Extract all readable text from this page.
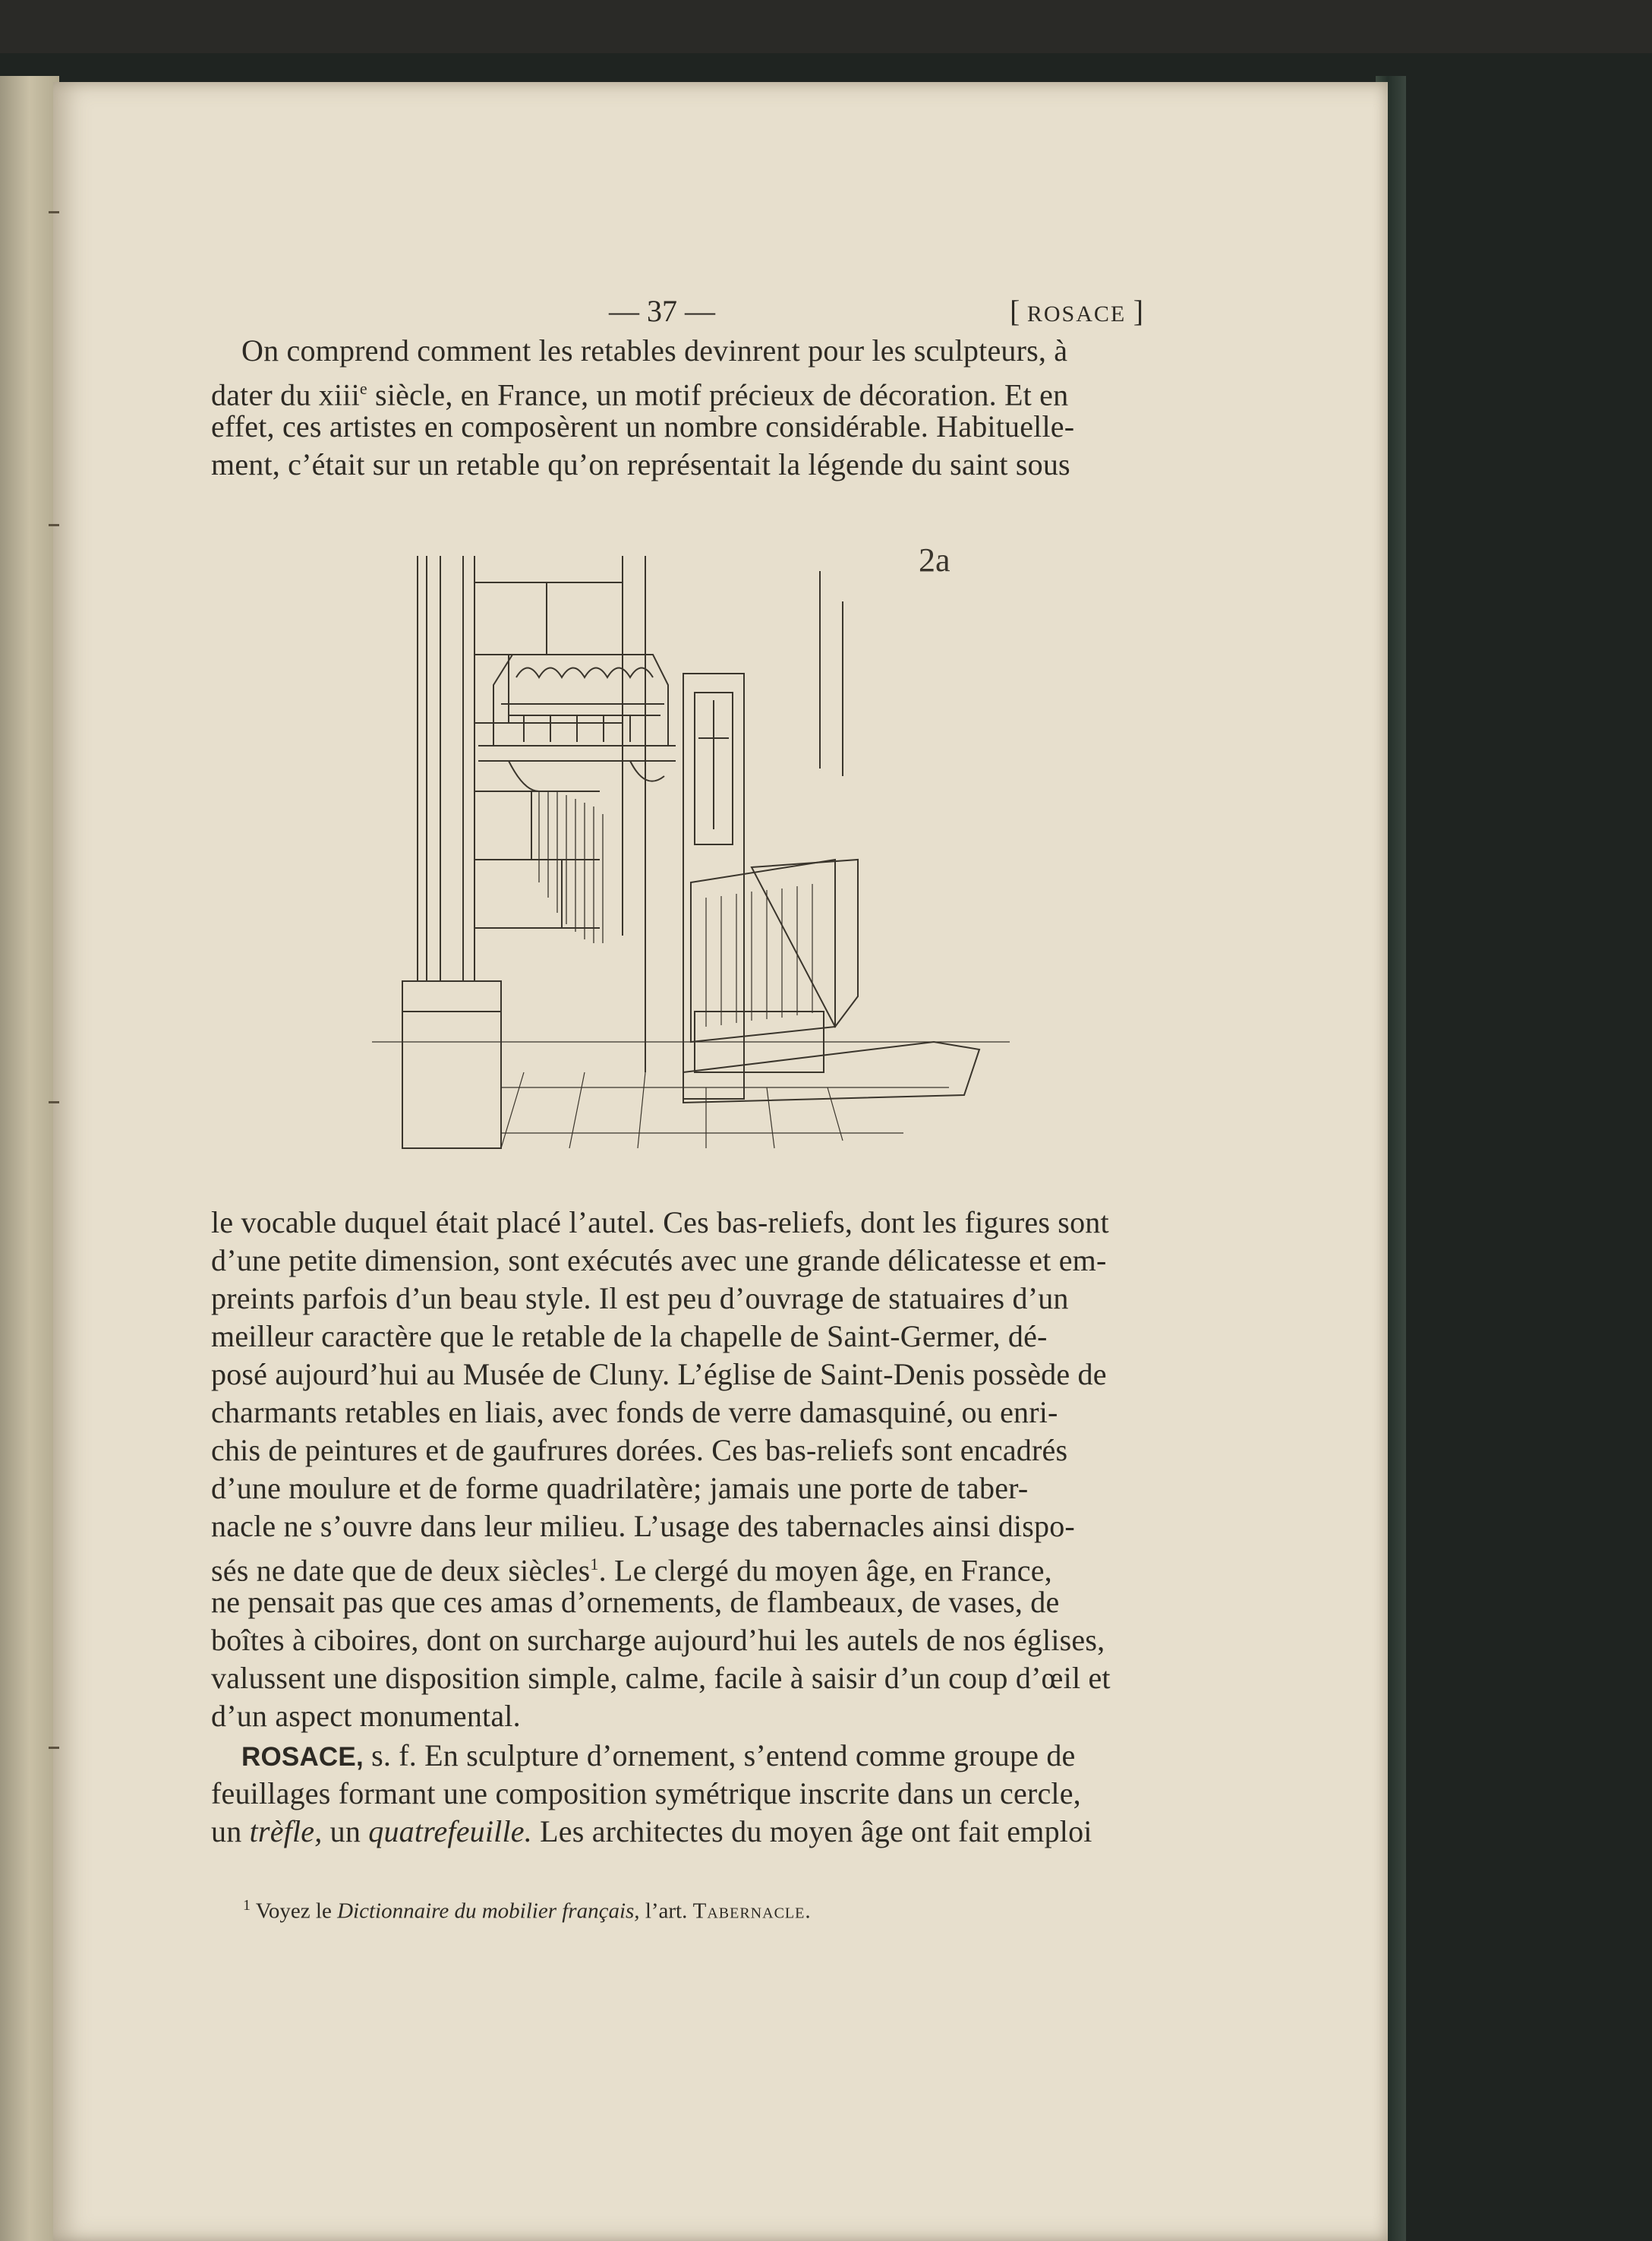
— 37 —	[ ROSACE ]
On comprend comment les retables devinrent pour les sculpteurs, à
dater du xiii$^e$ siècle, en France, un motif précieux de décoration. Et en
effet, ces artistes en composèrent un nombre considérable. Habituelle-
ment, c’était sur un retable qu’on représentait la légende du saint sous
2a
le vocable duquel était placé l’autel. Ces bas-reliefs, dont les figures sont
d’une petite dimension, sont exécutés avec une grande délicatesse et em-
preints parfois d’un beau style. Il est peu d’ouvrage de statuaires d’un
meilleur caractère que le retable de la chapelle de Saint-Germer, dé-
posé aujourd’hui au Musée de Cluny. L’église de Saint-Denis possède de
charmants retables en liais, avec fonds de verre damasquiné, ou enri-
chis de peintures et de gaufrures dorées. Ces bas-reliefs sont encadrés
d’une moulure et de forme quadrilatère; jamais une porte de taber-
nacle ne s’ouvre dans leur milieu. L’usage des tabernacles ainsi dispo-
sés ne date que de deux siècles$^1$. Le clergé du moyen âge, en France,
ne pensait pas que ces amas d’ornements, de flambeaux, de vases, de
boîtes à ciboires, dont on surcharge aujourd’hui les autels de nos églises,
valussent une disposition simple, calme, facile à saisir d’un coup d’œil et
d’un aspect monumental.
ROSACE, s. f. En sculpture d’ornement, s’entend comme groupe de
feuillages formant une composition symétrique inscrite dans un cercle,
un trèfle, un quatrefeuille. Les architectes du moyen âge ont fait emploi
$^1$ Voyez le Dictionnaire du mobilier français, l’art. Tabernacle.
